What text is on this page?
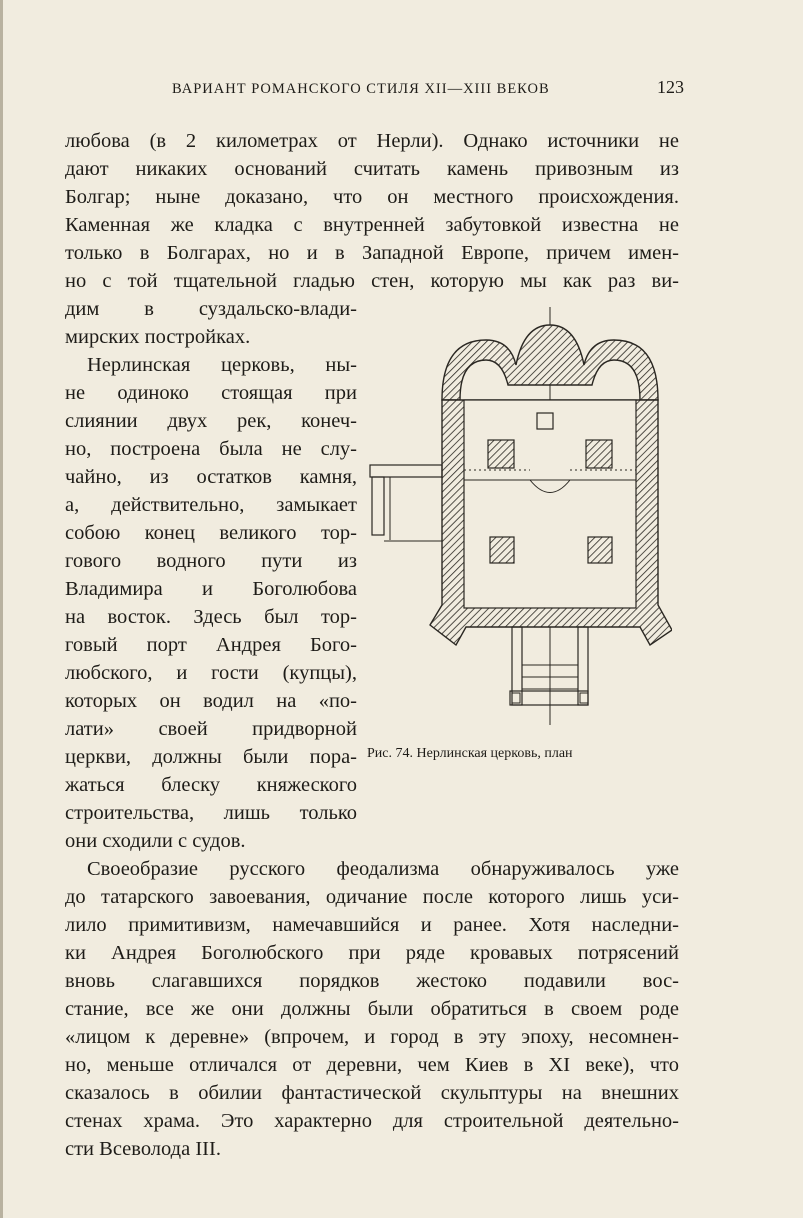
ВАРИАНТ РОМАНСКОГО СТИЛЯ XII—XIII ВЕКОВ	123
любова (в 2 километрах от Нерли). Однако источники не
дают никаких оснований считать камень привозным из
Болгар; ныне доказано, что он местного происхождения.
Каменная же кладка с внутренней забутовкой известна не
только в Болгарах, но и в Западной Европе, причем имен-
но с той тщательной гладью стен, которую мы как раз ви-
дим в суздальско-влади-
мирских постройках.
Нерлинская церковь, ны-
не одиноко стоящая при
слиянии двух рек, конеч-
но, построена была не слу-
чайно, из остатков камня,
а, действительно, замыкает
собою конец великого тор-
гового водного пути из
Владимира и Боголюбова
на восток. Здесь был тор-
говый порт Андрея Бого-
любского, и гости (купцы),
которых он водил на «по-
лати» своей придворной
церкви, должны были пора-
жаться блеску княжеского
строительства, лишь только
они сходили с судов.
Своеобразие русского феодализма обнаруживалось уже
до татарского завоевания, одичание после которого лишь уси-
лило примитивизм, намечавшийся и ранее. Хотя наследни-
ки Андрея Боголюбского при ряде кровавых потрясений
вновь слагавшихся порядков жестоко подавили вос-
стание, все же они должны были обратиться в своем роде
«лицом к деревне» (впрочем, и город в эту эпоху, несомнен-
но, меньше отличался от деревни, чем Киев в XI веке), что
сказалось в обилии фантастической скульптуры на внешних
стенах храма. Это характерно для строительной деятельно-
сти Всеволода III.
Рис. 74. Нерлинская церковь, план
